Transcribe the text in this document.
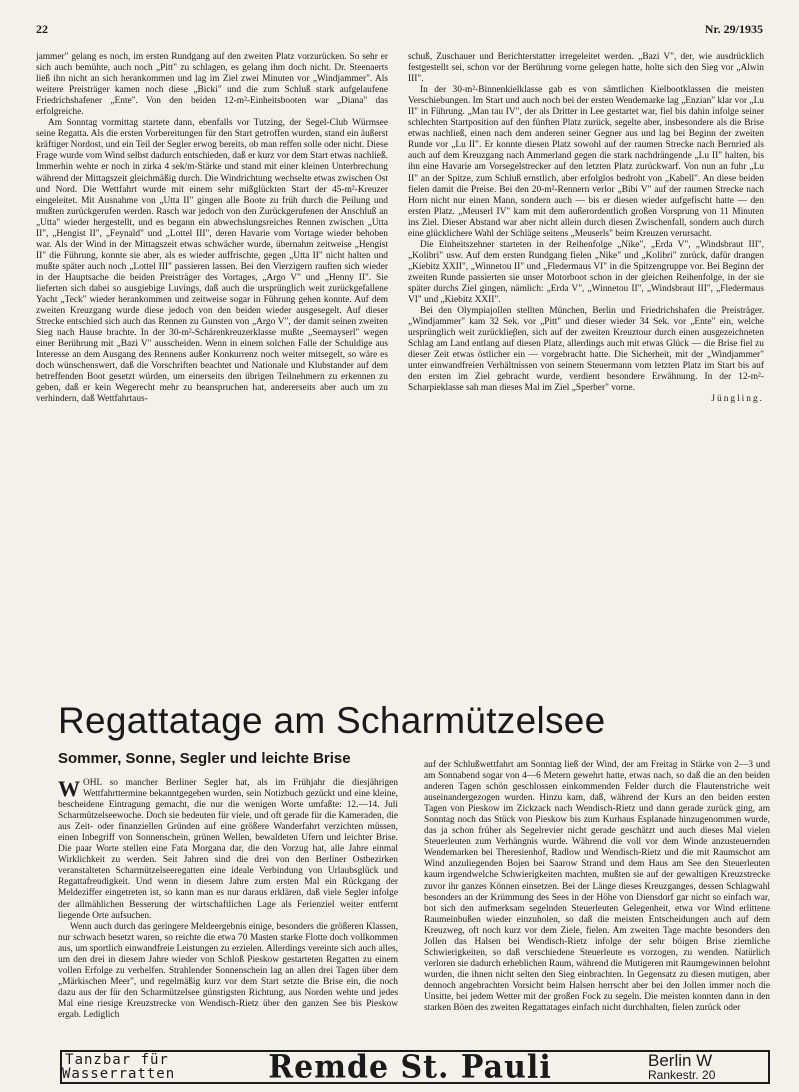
22	Nr. 29/1935

jammer" gelang es noch, im ersten Rundgang auf den zweiten Platz vorzurücken. So sehr er sich auch bemühte, auch noch „Pitt" zu schlagen, es gelang ihm doch nicht. Dr. Steenaerts ließ ihn nicht an sich herankommen und lag im Ziel zwei Minuten vor „Windjammer". Als weitere Preisträger kamen noch diese „Bicki" und die zum Schluß stark aufgelaufene Friedrichshafener „Ente". Von den beiden 12-m²-Einheitsbooten war „Diana" das erfolgreiche.

Am Sonntag vormittag startete dann, ebenfalls vor Tutzing, der Segel-Club Würmsee seine Regatta. Als die ersten Vorbereitungen für den Start getroffen wurden, stand ein äußerst kräftiger Nordost, und ein Teil der Segler erwog bereits, ob man reffen solle oder nicht. Diese Frage wurde vom Wind selbst dadurch entschieden, daß er kurz vor dem Start etwas nachließ. Immerhin wehte er noch in zirka 4 sek/m-Stärke und stand mit einer kleinen Unterbrechung während der Mittagszeit gleichmäßig durch. Die Windrichtung wechselte etwas zwischen Ost und Nord. Die Wettfahrt wurde mit einem sehr mißglückten Start der 45-m²-Kreuzer eingeleitet. Mit Ausnahme von „Utta II" gingen alle Boote zu früh durch die Peilung und mußten zurückgerufen werden. Rasch war jedoch von den Zurückgerufenen der Anschluß an „Utta" wieder hergestellt, und es begann ein abwechslungsreiches Rennen zwischen „Utta II", „Hengist II", „Feynald" und „Lottel III", deren Havarie vom Vortage wieder behoben war. Als der Wind in der Mittagszeit etwas schwächer wurde, übernahm zeitweise „Hengist II" die Führung, konnte sie aber, als es wieder auffrischte, gegen „Utta II" nicht halten und mußte später auch noch „Lottel III" passieren lassen. Bei den Vierzigern rauften sich wieder in der Hauptsache die beiden Preisträger des Vortages, „Argo V" und „Henny II". Sie lieferten sich dabei so ausgiebige Luvings, daß auch die ursprünglich weit zurückgefallene Yacht „Teck" wieder herankommen und zeitweise sogar in Führung gehen konnte. Auf dem zweiten Kreuzgang wurde diese jedoch von den beiden wieder ausgesegelt. Auf dieser Strecke entschied sich auch das Rennen zu Gunsten von „Argo V", der damit seinen zweiten Sieg nach Hause brachte. In der 30-m²-Schärenkreuzerklasse mußte „Seemayserl" wegen einer Berührung mit „Bazi V" ausscheiden. Wenn in einem solchen Falle der Schuldige aus Interesse an dem Ausgang des Rennens außer Konkurrenz noch weiter mitsegelt, so wäre es doch wünschenswert, daß die Vorschriften beachtet und Nationale und Klubstander auf dem betreffenden Boot gesetzt würden, um einerseits den übrigen Teilnehmern zu erkennen zu geben, daß er kein Wegerecht mehr zu beanspruchen hat, andererseits aber auch um zu verhindern, daß Wettfahrtaus-

schuß, Zuschauer und Berichterstatter irregeleitet werden. „Bazi V", der, wie ausdrücklich festgestellt sei, schon vor der Berührung vorne gelegen hatte, holte sich den Sieg vor „Alwin III".

In der 30-m²-Binnenkielklasse gab es von sämtlichen Kielbootklassen die meisten Verschiebungen. Im Start und auch noch bei der ersten Wendemarke lag „Enzian" klar vor „Lu II" in Führung. „Man tau IV", der als Dritter in Lee gestartet war, fiel bis dahin infolge seiner schlechten Startposition auf den fünften Platz zurück, segelte aber, insbesondere als die Brise etwas nachließ, einen nach dem anderen seiner Gegner aus und lag bei Beginn der zweiten Runde vor „Lu II". Er konnte diesen Platz sowohl auf der raumen Strecke nach Bernried als auch auf dem Kreuzgang nach Ammerland gegen die stark nachdrängende „Lu II" halten, bis ihn eine Havarie am Vorsegelstrecker auf den letzten Platz zurückwarf. Von nun an fuhr „Lu II" an der Spitze, zum Schluß ernstlich, aber erfolglos bedroht von „Kabell". An diese beiden fielen damit die Preise. Bei den 20-m²-Rennern verlor „Bibi V" auf der raumen Strecke nach Horn nicht nur einen Mann, sondern auch — bis er diesen wieder aufgefischt hatte — den ersten Platz. „Meuserl IV" kam mit dem außerordentlich großen Vorsprung von 11 Minuten ins Ziel. Dieser Abstand war aber nicht allein durch diesen Zwischenfall, sondern auch durch eine glücklichere Wahl der Schläge seitens „Meuserls" beim Kreuzen verursacht.

Die Einheitszehner starteten in der Reihenfolge „Nike", „Erda V", „Windsbraut III", „Kolibri" usw. Auf dem ersten Rundgang fielen „Nike" und „Kolibri" zurück, dafür drangen „Kiebitz XXII", „Winnetou II" und „Fledermaus VI" in die Spitzengruppe vor. Bei Beginn der zweiten Runde passierten sie unser Motorboot schon in der gleichen Reihenfolge, in der sie später durchs Ziel gingen, nämlich: „Erda V", „Winnetou II", „Windsbraut III", „Fledermaus VI" und „Kiebitz XXII".

Bei den Olympiajollen stellten München, Berlin und Friedrichshafen die Preisträger. „Windjammer" kam 32 Sek. vor „Pitt" und dieser wieder 34 Sek. vor „Ente" ein, welche ursprünglich weit zurücklieβen, sich auf der zweiten Kreuztour durch einen ausgezeichneten Schlag am Land entlang auf diesen Platz, allerdings auch mit etwas Glück — die Brise fiel zu dieser Zeit etwas östlicher ein — vorgebracht hatte. Die Sicherheit, mit der „Windjammer" unter einwandfreien Verhältnissen von seinem Steuermann vom letzten Platz im Start bis auf den ersten im Ziel gebracht wurde, verdient besondere Erwähnung. In der 12-m²-Scharpieklasse sah man dieses Mal im Ziel „Sperber" vorne.

Jüngling.
Regattatage am Scharmützelsee
Sommer, Sonne, Segler und leichte Brise

WOHL so mancher Berliner Segler hat, als im Frühjahr die diesjährigen Wettfahrttermine bekanntgegeben wurden, sein Notizbuch gezückt und eine kleine, bescheidene Eintragung gemacht, die nur die wenigen Worte umfaßte: 12.—14. Juli Scharmützelseewoche. Doch sie bedeuten für viele, und oft gerade für die Kameraden, die aus Zeit- oder finanziellen Gründen auf eine größere Wanderfahrt verzichten müssen, einen Inbegriff von Sonnenschein, grünen Wellen, bewaldeten Ufern und leichter Brise. Die paar Worte stellen eine Fata Morgana dar, die den Vorzug hat, alle Jahre einmal Wirklichkeit zu werden. Seit Jahren sind die drei von den Berliner Ostbezirken veranstalteten Scharmützelseeregatten eine ideale Verbindung von Urlaubsglück und Regattafreudigkeit. Und wenn in diesem Jahre zum ersten Mal ein Rückgang der Meldeziffer eingetreten ist, so kann man es nur daraus erklären, daß viele Segler infolge der allmählichen Besserung der wirtschaftlichen Lage als Ferienziel weiter entfernt liegende Orte aufsuchen.

Wenn auch durch das geringere Meldeergebnis einige, besonders die größeren Klassen, nur schwach besetzt waren, so reichte die etwa 70 Masten starke Flotte doch vollkommen aus, um sportlich einwandfreie Leistungen zu erzielen. Allerdings vereinte sich auch alles, um den drei in diesem Jahre wieder von Schloß Pieskow gestarteten Regatten zu einem vollen Erfolge zu verhelfen. Strahlender Sonnenschein lag an allen drei Tagen über dem „Märkischen Meer", und regelmäßig kurz vor dem Start setzte die Brise ein, die noch dazu aus der für den Scharmützelsee günstigsten Richtung, aus Norden wehte und jedes Mal eine riesige Kreuzstrecke von Wendisch-Rietz über den ganzen See bis Pieskow ergab. Lediglich

auf der Schlußwettfahrt am Sonntag ließ der Wind, der am Freitag in Stärke von 2—3 und am Sonnabend sogar von 4—6 Metern gewehrt hatte, etwas nach, so daß die an den beiden anderen Tagen schön geschlossen einkommenden Felder durch die Flautenstriche weit auseinandergezogen wurden. Hinzu kam, daß, während der Kurs an den beiden ersten Tagen von Pieskow im Zickzack nach Wendisch-Rietz und dann gerade zurück ging, am Sonntag noch das Stück von Pieskow bis zum Kurhaus Esplanade hinzugenommen wurde, das ja schon früher als Segelrevier nicht gerade geschätzt und auch dieses Mal vielen Steuerleuten zum Verhängnis wurde. Während die voll vor dem Winde anzusteuernden Wendemarken bei Theresienhof, Radlow und Wendisch-Rietz und die mit Raumschot am Wind anzuliegenden Bojen bei Saarow Strand und dem Haus am See den Steuerleuten kaum irgendwelche Schwierigkeiten machten, mußten sie auf der gewaltigen Kreuzstrecke zuvor ihr ganzes Können einsetzen. Bei der Länge dieses Kreuzganges, dessen Schlagwahl besonders an der Krümmung des Sees in der Höhe von Diensdorf gar nicht so einfach war, bot sich den aufmerksam segelnden Steuerleuten Gelegenheit, etwa vor Wind erlittene Raumeinbußen wieder einzuholen, so daß die meisten Entscheidungen auch auf dem Kreuzweg, oft noch kurz vor dem Ziele, fielen. Am zweiten Tage machte besonders den Jollen das Halsen bei Wendisch-Rietz infolge der sehr böigen Brise ziemliche Schwierigkeiten, so daß verschiedene Steuerleute es vorzogen, zu wenden. Natürlich verloren sie dadurch erheblichen Raum, während die Mutigeren mit Raumgewinnen belohnt wurden, die ihnen nicht selten den Sieg einbrachten. In Gegensatz zu diesen mutigen, aber dennoch angebrachten Vorsicht beim Halsen herrscht aber bei den Jollen immer noch die Unsitte, bei jedem Wetter mit der großen Fock zu segeln. Die meisten konnten dann in den starken Böen des zweiten Regattatages einfach nicht durchhalten, fielen zurück oder

Tanzbar für
Wasserratten	Remde St. Pauli	Berlin W
Rankestr. 20
